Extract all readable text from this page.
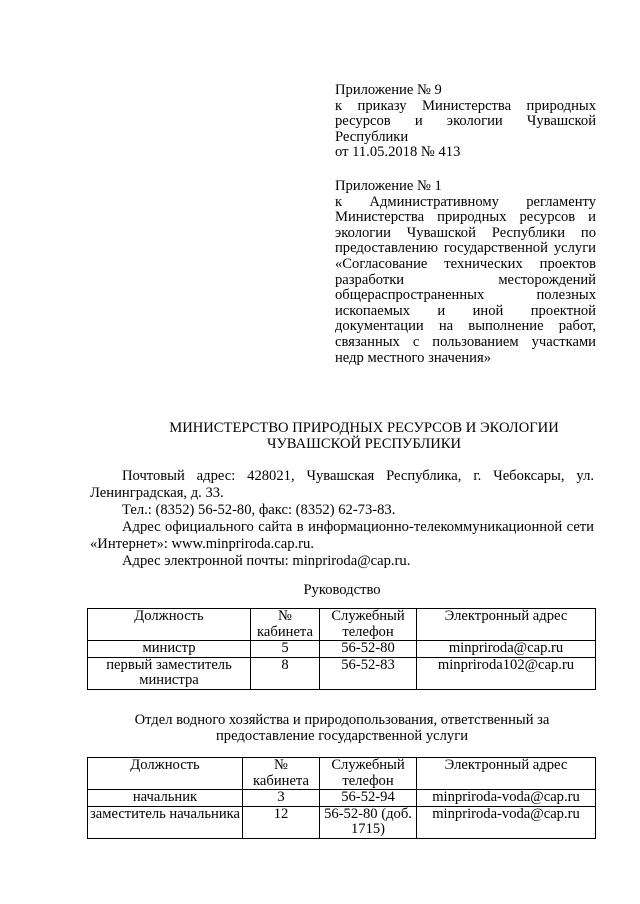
Приложение № 9
к приказу Министерства природных ресурсов и экологии Чувашской Республики
от 11.05.2018 № 413
Приложение № 1
к Административному регламенту Министерства природных ресурсов и экологии Чувашской Республики по предоставлению государственной услуги «Согласование технических проектов разработки месторождений общераспространенных полезных ископаемых и иной проектной документации на выполнение работ, связанных с пользованием участками недр местного значения»
МИНИСТЕРСТВО ПРИРОДНЫХ РЕСУРСОВ И ЭКОЛОГИИ
ЧУВАШСКОЙ РЕСПУБЛИКИ

Почтовый адрес: 428021, Чувашская Республика, г. Чебоксары, ул. Ленинградская, д. 33.

Тел.: (8352) 56-52-80, факс: (8352) 62-73-83.

Адрес официального сайта в информационно-телекоммуникационной сети «Интернет»: www.minpriroda.cap.ru.

Адрес электронной почты: minpriroda@cap.ru.

Руководство
Должность	№ кабинета	Служебный телефон	Электронный адрес
министр	5	56-52-80	minpriroda@cap.ru
первый заместитель министра	8	56-52-83	minpriroda102@cap.ru
Отдел водного хозяйства и природопользования, ответственный за предоставление государственной услуги
Должность	№ кабинета	Служебный телефон	Электронный адрес
начальник	3	56-52-94	minpriroda-voda@cap.ru
заместитель начальника	12	56-52-80 (доб. 1715)	minpriroda-voda@cap.ru
